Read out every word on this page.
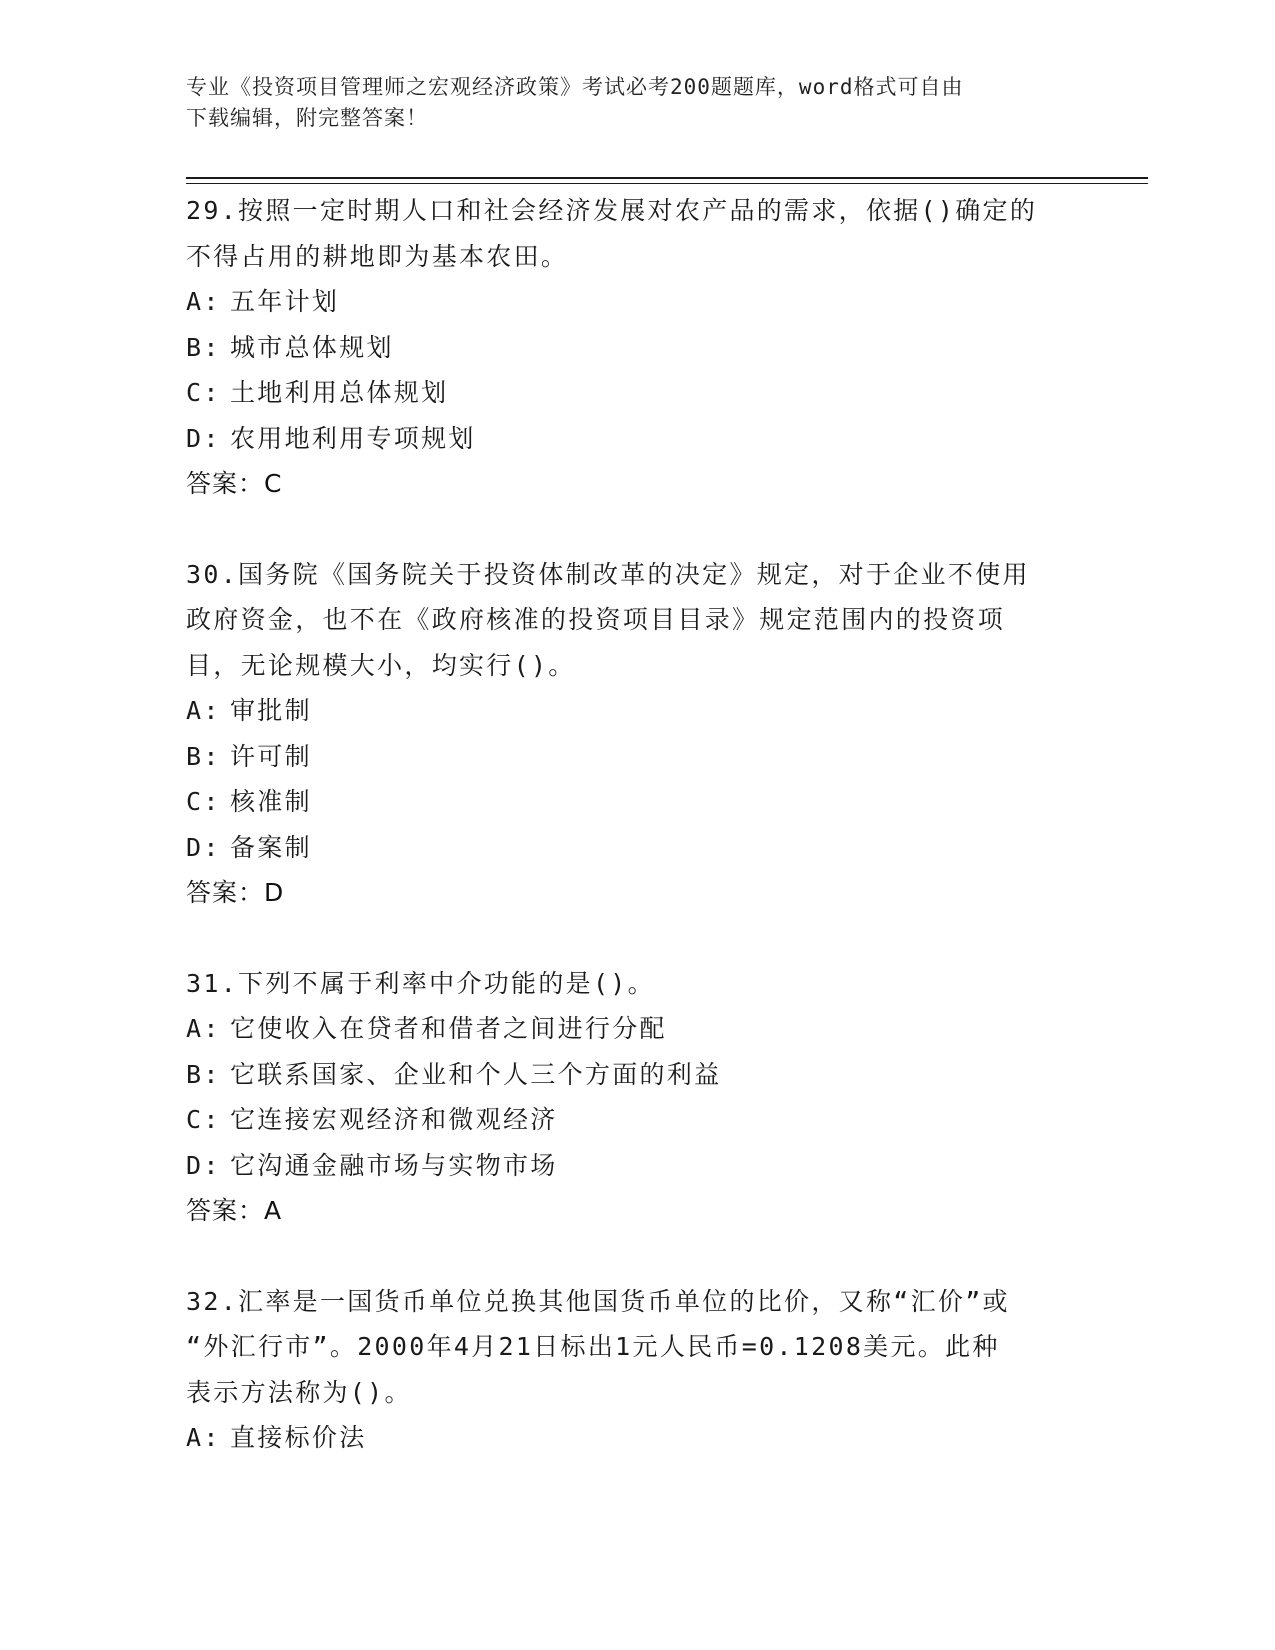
专业《投资项目管理师之宏观经济政策》考试必考200题题库，word格式可自由
下载编辑，附完整答案！
29.按照一定时期人口和社会经济发展对农产品的需求，依据()确定的
不得占用的耕地即为基本农田。
A: 五年计划
B: 城市总体规划
C: 土地利用总体规划
D: 农用地利用专项规划
答案：C
30.国务院《国务院关于投资体制改革的决定》规定，对于企业不使用
政府资金，也不在《政府核准的投资项目目录》规定范围内的投资项
目，无论规模大小，均实行()。
A: 审批制
B: 许可制
C: 核准制
D: 备案制
答案：D
31.下列不属于利率中介功能的是()。
A: 它使收入在贷者和借者之间进行分配
B: 它联系国家、企业和个人三个方面的利益
C: 它连接宏观经济和微观经济
D: 它沟通金融市场与实物市场
答案：A
32.汇率是一国货币单位兑换其他国货币单位的比价，又称“汇价”或
“外汇行市”。2000年4月21日标出1元人民币=0.1208美元。此种
表示方法称为()。
A: 直接标价法
